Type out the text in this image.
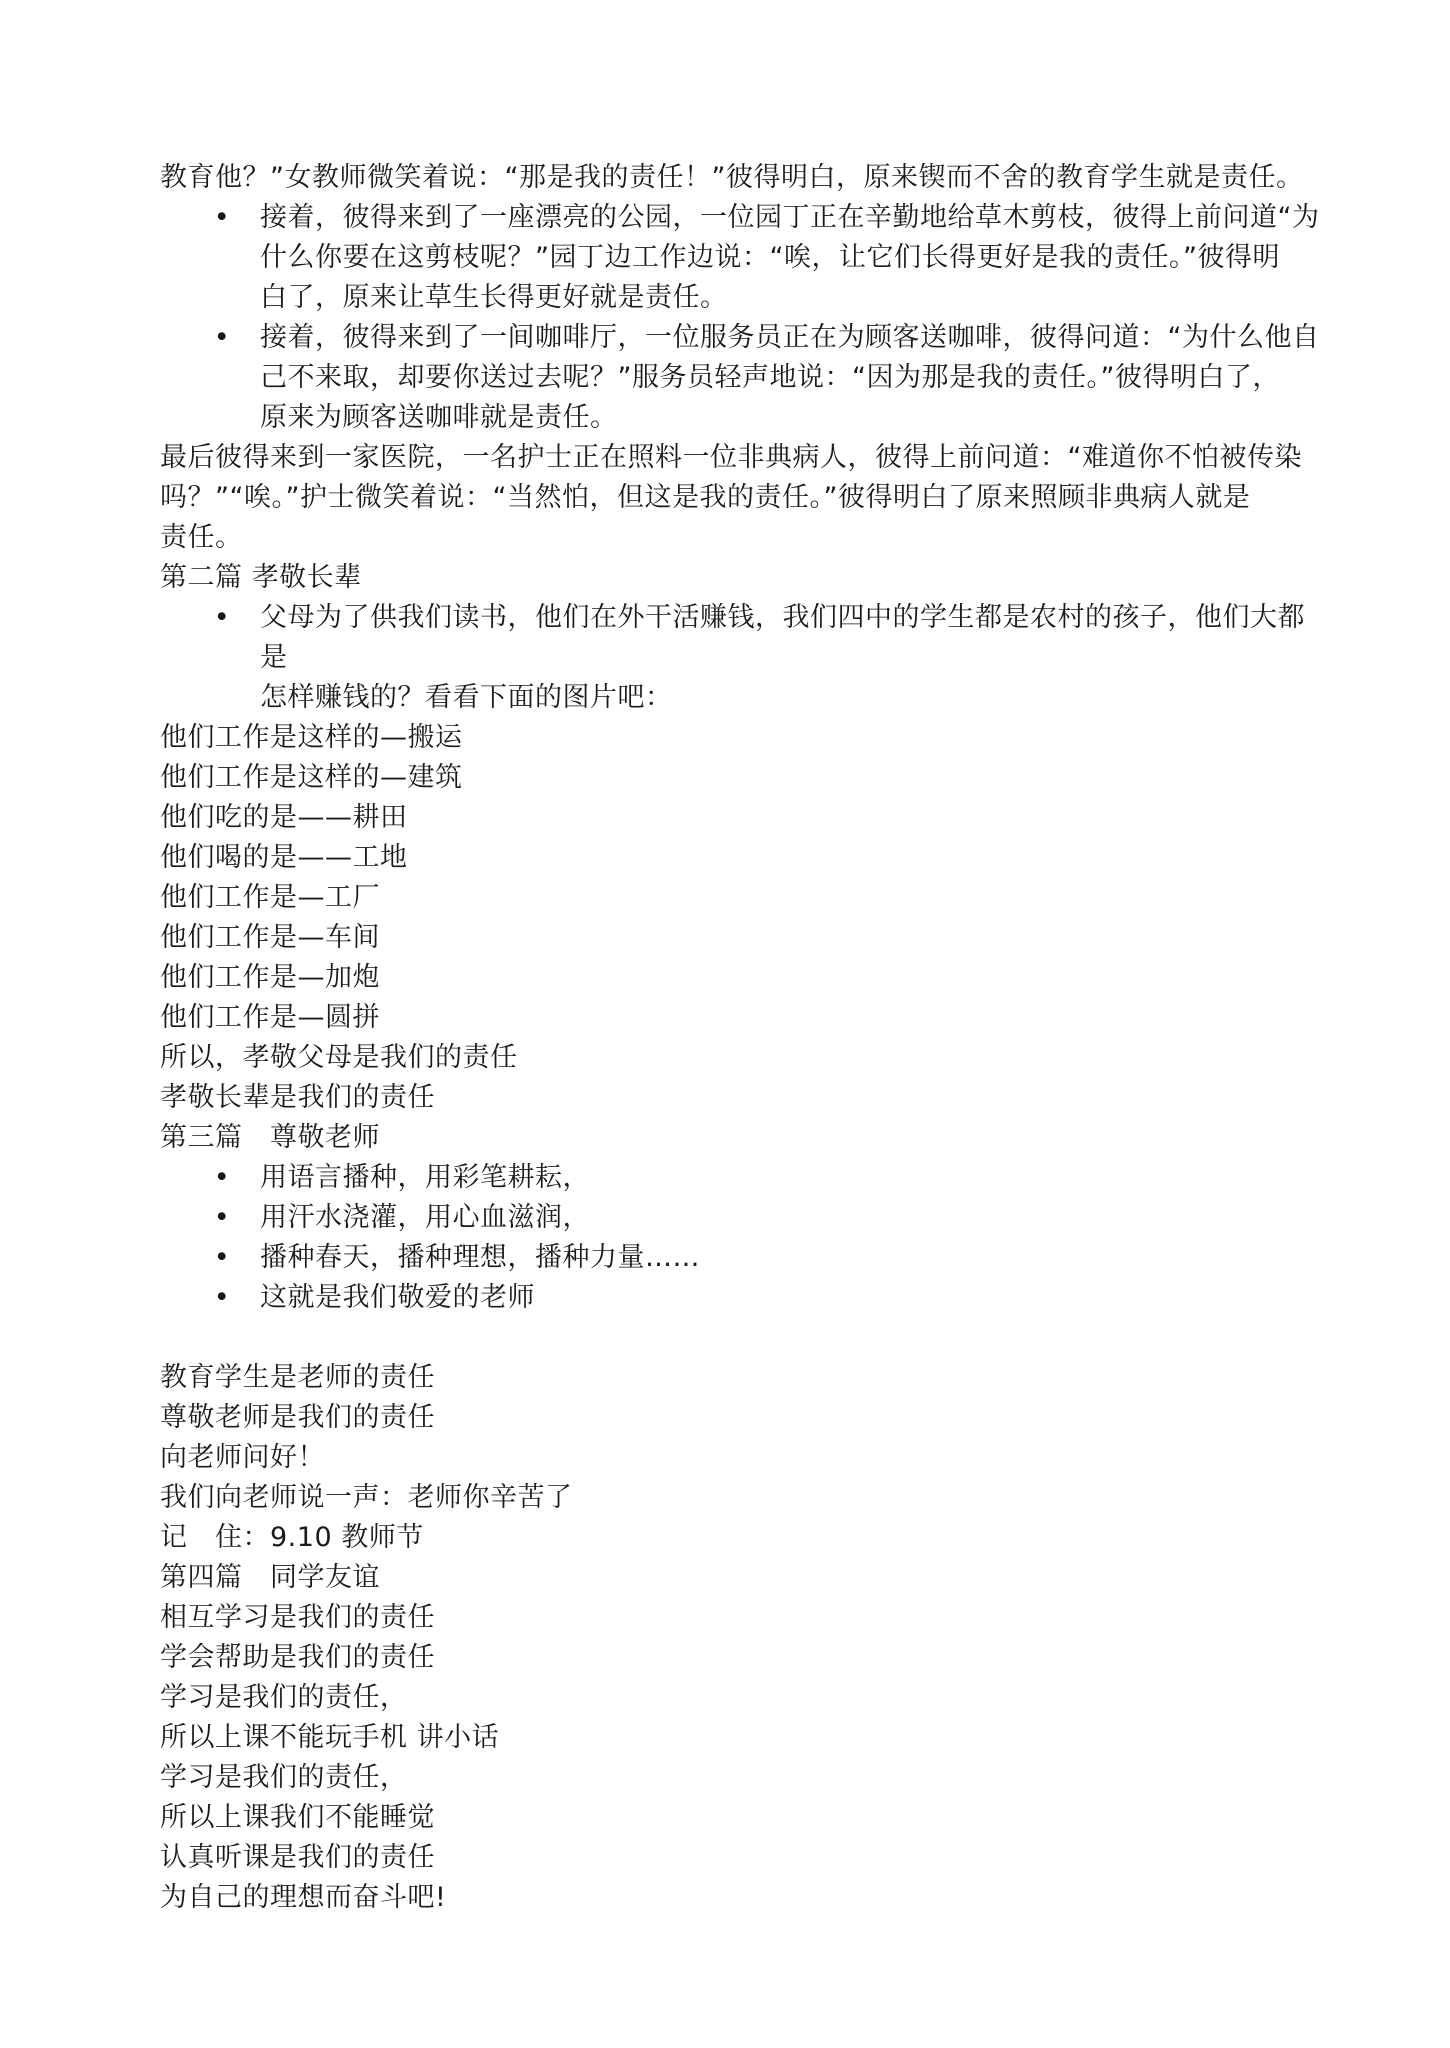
教育他？”女教师微笑着说：“那是我的责任！”彼得明白，原来锲而不舍的教育学生就是责任。
• 接着，彼得来到了一座漂亮的公园，一位园丁正在辛勤地给草木剪枝，彼得上前问道“为
什么你要在这剪枝呢？”园丁边工作边说：“唉，让它们长得更好是我的责任。”彼得明
白了，原来让草生长得更好就是责任。
• 接着，彼得来到了一间咖啡厅，一位服务员正在为顾客送咖啡，彼得问道：“为什么他自
己不来取，却要你送过去呢？”服务员轻声地说：“因为那是我的责任。”彼得明白了，
原来为顾客送咖啡就是责任。
最后彼得来到一家医院，一名护士正在照料一位非典病人，彼得上前问道：“难道你不怕被传染
吗？”“唉。”护士微笑着说：“当然怕，但这是我的责任。”彼得明白了原来照顾非典病人就是
责任。
第二篇 孝敬长辈
• 父母为了供我们读书，他们在外干活赚钱，我们四中的学生都是农村的孩子，他们大都是
怎样赚钱的？看看下面的图片吧：
他们工作是这样的—搬运
他们工作是这样的—建筑
他们吃的是——耕田
他们喝的是——工地
他们工作是—工厂
他们工作是—车间
他们工作是—加炮
他们工作是—圆拼
所以，孝敬父母是我们的责任
孝敬长辈是我们的责任
第三篇　尊敬老师
• 用语言播种，用彩笔耕耘，
• 用汗水浇灌，用心血滋润，
• 播种春天，播种理想，播种力量……
• 这就是我们敬爱的老师
教育学生是老师的责任
尊敬老师是我们的责任
向老师问好！
我们向老师说一声：老师你辛苦了
记　住：9.10 教师节
第四篇　同学友谊
相互学习是我们的责任
学会帮助是我们的责任
学习是我们的责任，
所以上课不能玩手机 讲小话
学习是我们的责任，
所以上课我们不能睡觉
认真听课是我们的责任
为自己的理想而奋斗吧!
